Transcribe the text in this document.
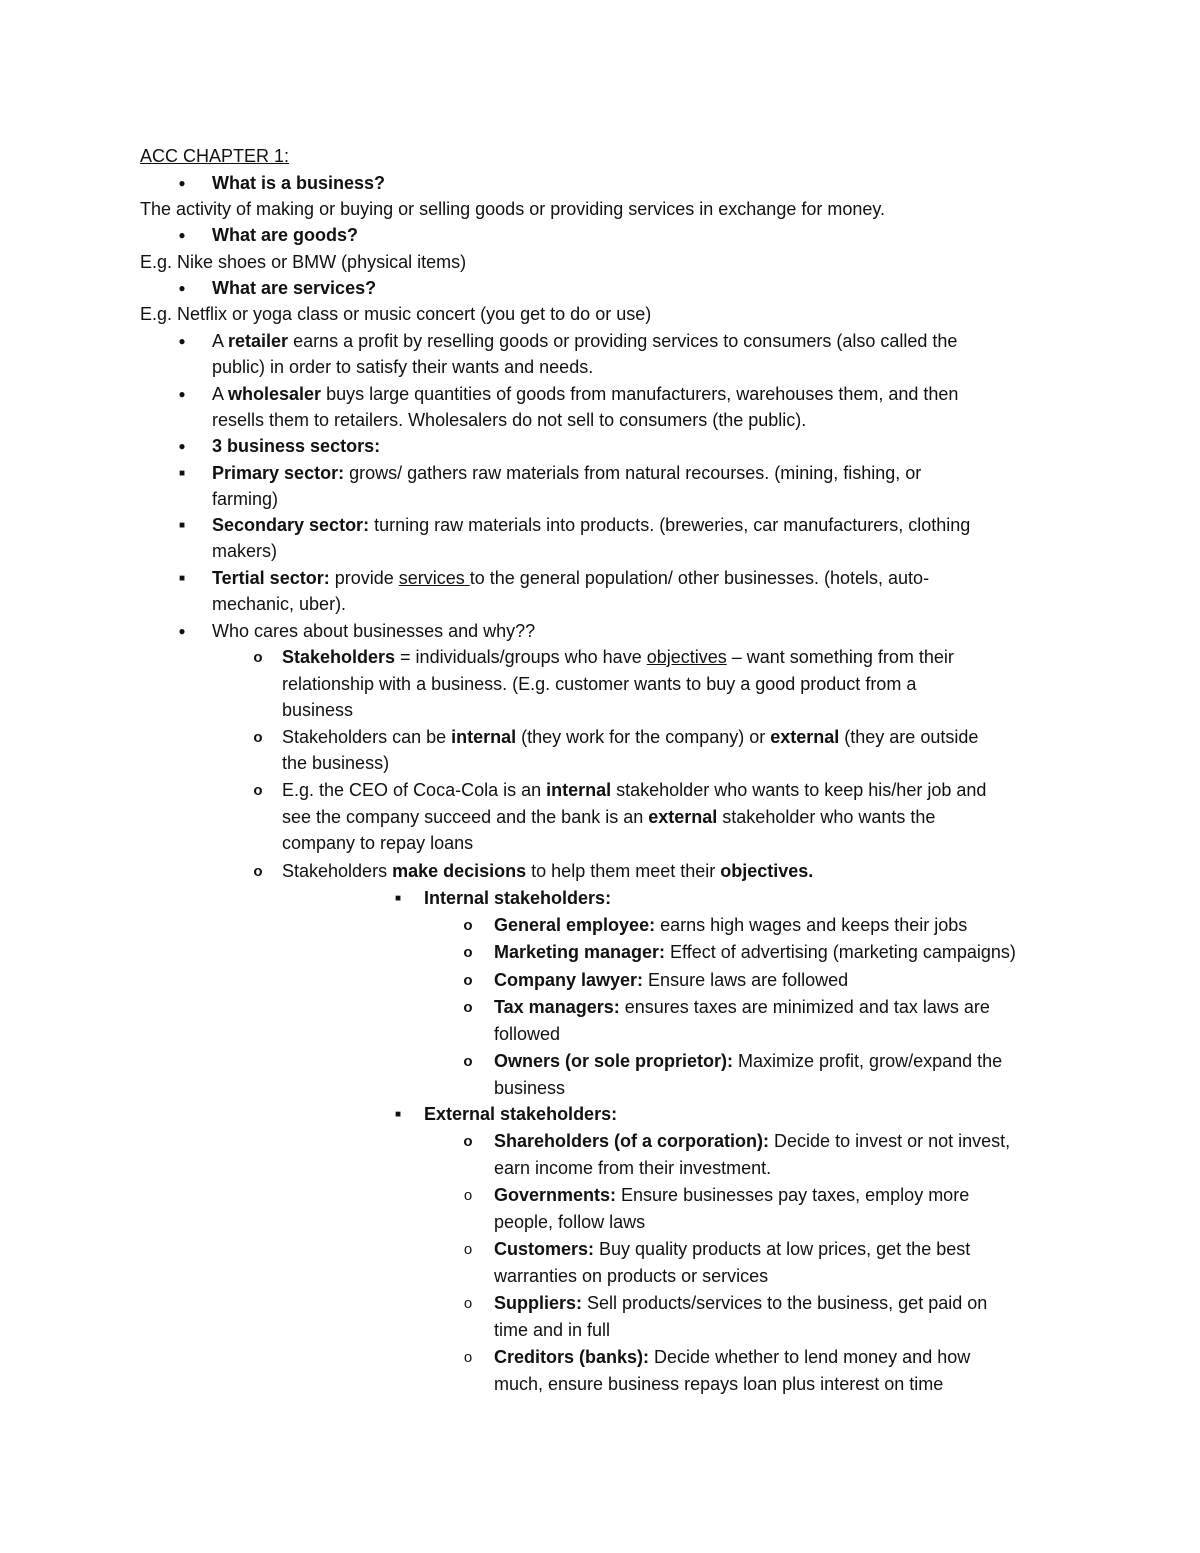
ACC CHAPTER 1:
●	What is a business?
The activity of making or buying or selling goods or providing services in exchange for money.
●	What are goods?
E.g. Nike shoes or BMW (physical items)
●	What are services?
E.g. Netflix or yoga class or music concert (you get to do or use)
●	A retailer earns a profit by reselling goods or providing services to consumers (also called the
public) in order to satisfy their wants and needs.
●	A wholesaler buys large quantities of goods from manufacturers, warehouses them, and then
resells them to retailers. Wholesalers do not sell to consumers (the public).
●	3 business sectors:
■	Primary sector: grows/ gathers raw materials from natural recourses. (mining, fishing, or
farming)
■	Secondary sector: turning raw materials into products. (breweries, car manufacturers, clothing
makers)
■	Tertial sector: provide services to the general population/ other businesses. (hotels, auto-
mechanic, uber).
●	Who cares about businesses and why??
o	Stakeholders = individuals/groups who have objectives – want something from their
relationship with a business. (E.g. customer wants to buy a good product from a
business
o	Stakeholders can be internal (they work for the company) or external (they are outside
the business)
o	E.g. the CEO of Coca-Cola is an internal stakeholder who wants to keep his/her job and
see the company succeed and the bank is an external stakeholder who wants the
company to repay loans
o	Stakeholders make decisions to help them meet their objectives.
■	Internal stakeholders:
o	General employee: earns high wages and keeps their jobs
o	Marketing manager: Effect of advertising (marketing campaigns)
o	Company lawyer: Ensure laws are followed
o	Tax managers: ensures taxes are minimized and tax laws are
followed
o	Owners (or sole proprietor): Maximize profit, grow/expand the
business
■	External stakeholders:
o	Shareholders (of a corporation): Decide to invest or not invest,
earn income from their investment.
o	Governments: Ensure businesses pay taxes, employ more
people, follow laws
o	Customers: Buy quality products at low prices, get the best
warranties on products or services
o	Suppliers: Sell products/services to the business, get paid on
time and in full
o	Creditors (banks): Decide whether to lend money and how
much, ensure business repays loan plus interest on time
